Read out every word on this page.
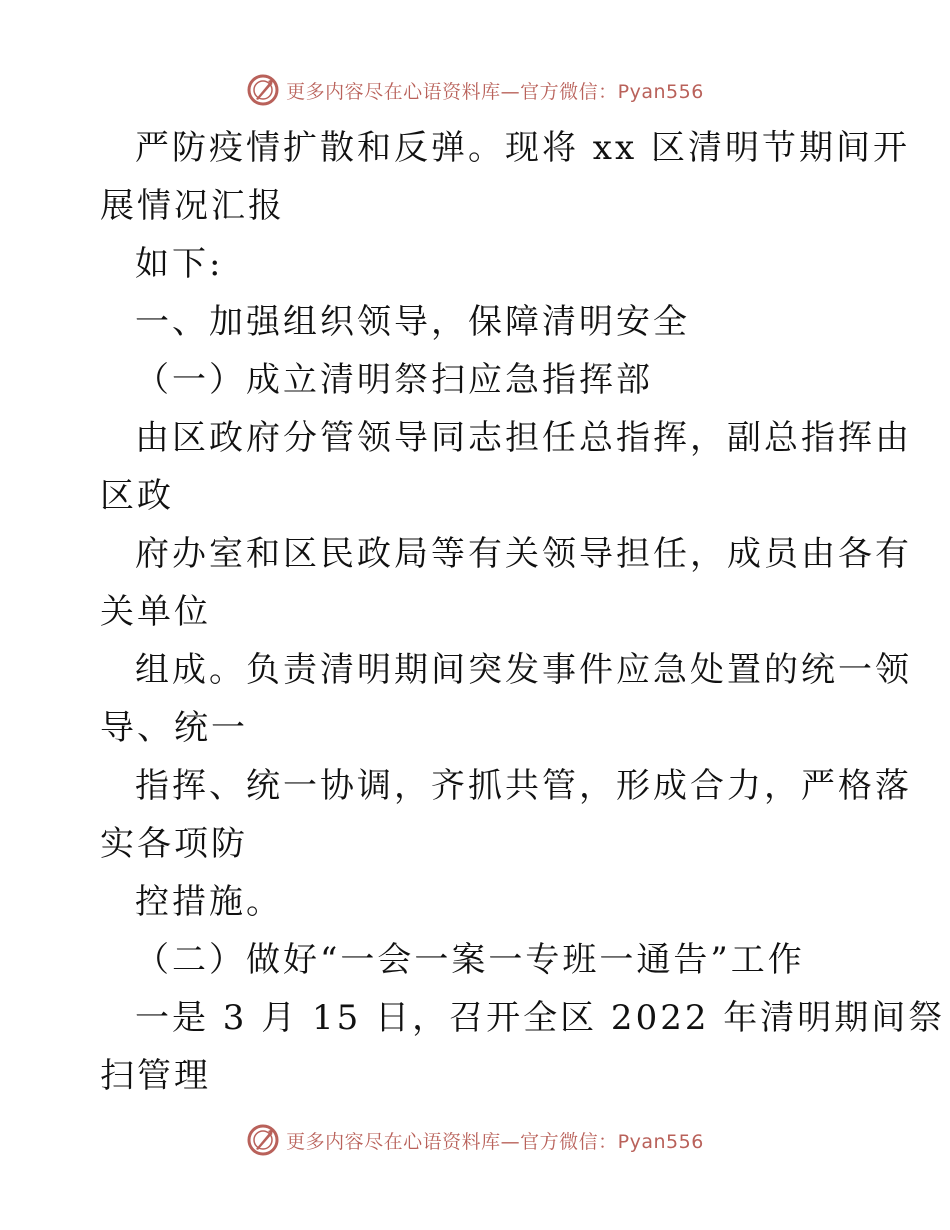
更多内容尽在心语资料库—官方微信：Pyan556
严防疫情扩散和反弹。现将 xx 区清明节期间开
展情况汇报
如下:
一、加强组织领导，保障清明安全
（一）成立清明祭扫应急指挥部
由区政府分管领导同志担任总指挥，副总指挥由
区政
府办室和区民政局等有关领导担任，成员由各有
关单位
组成。负责清明期间突发事件应急处置的统一领
导、统一
指挥、统一协调，齐抓共管，形成合力，严格落
实各项防
控措施。
（二）做好“一会一案一专班一通告”工作
一是 3 月 15 日，召开全区 2022 年清明期间祭
扫管理
更多内容尽在心语资料库—官方微信：Pyan556
